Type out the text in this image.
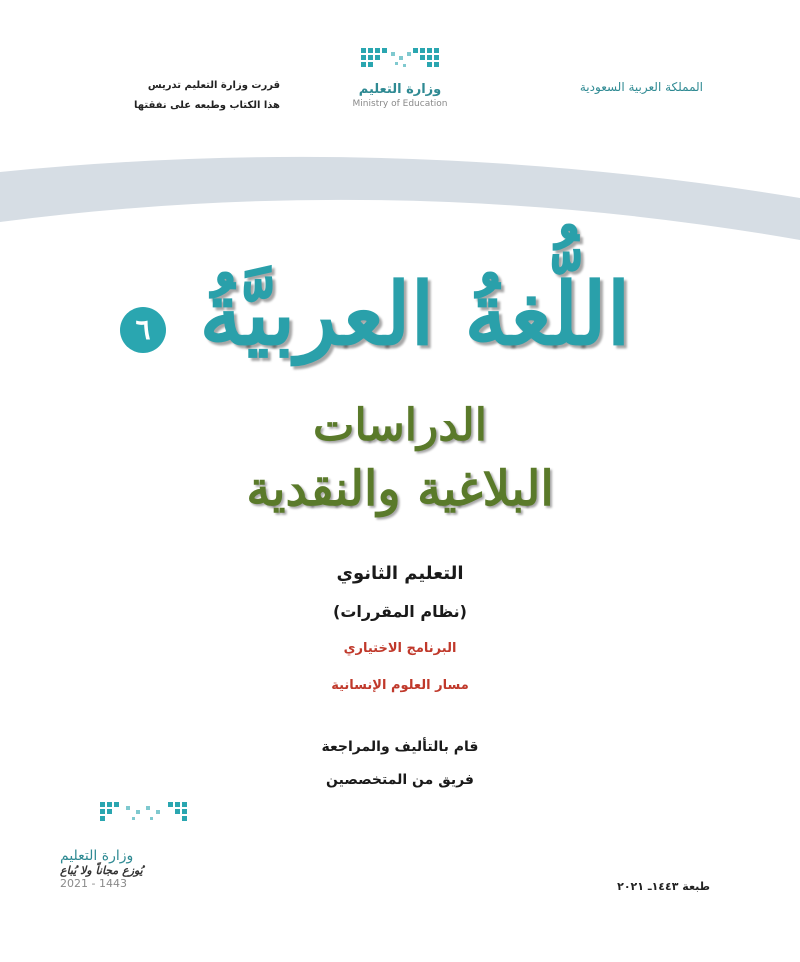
المملكة العربية السعودية
وزارة التعليم
Ministry of Education
قررت وزارة التعليم تدريس
هذا الكتاب وطبعه على نفقتها
اللُّغةُ العربيَّةُ
٦
الدراسات
البلاغية والنقدية
التعليم الثانوي
(نظام المقررات)
البرنامج الاختياري
مسار العلوم الإنسانية
قام بالتأليف والمراجعة
فريق من المتخصصين
وزارة التعليم
يُوزع مجاناً ولا يُباع
2021 - 1443	طبعة ١٤٤٣ـ ٢٠٢١
